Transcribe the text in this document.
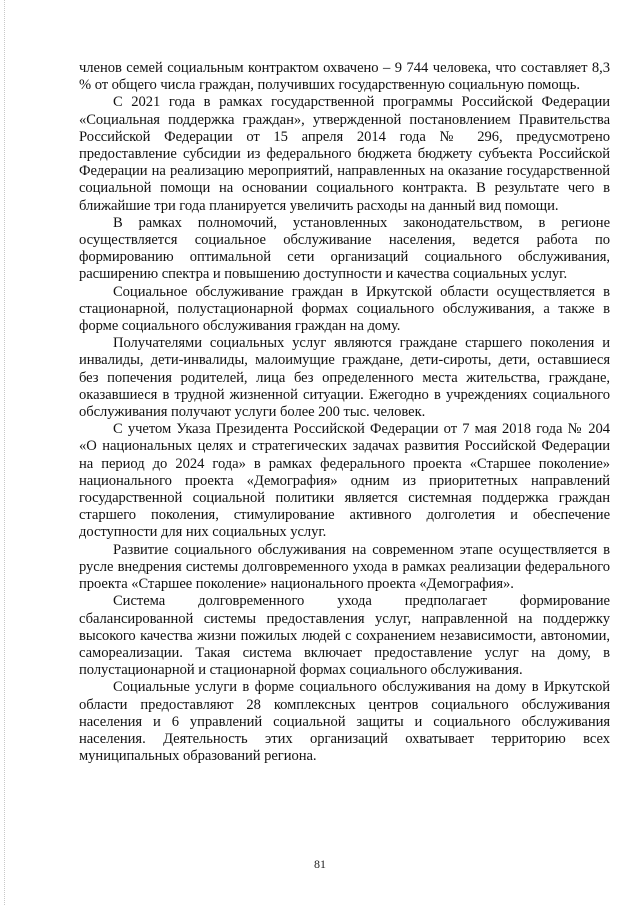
членов семей социальным контрактом охвачено – 9 744 человека, что составляет 8,3 % от общего числа граждан, получивших государственную социальную помощь.

С 2021 года в рамках государственной программы Российской Федерации «Социальная поддержка граждан», утвержденной постановлением Правительства Российской Федерации от 15 апреля 2014 года № 296, предусмотрено предоставление субсидии из федерального бюджета бюджету субъекта Российской Федерации на реализацию мероприятий, направленных на оказание государственной социальной помощи на основании социального контракта. В результате чего в ближайшие три года планируется увеличить расходы на данный вид помощи.

В рамках полномочий, установленных законодательством, в регионе осуществляется социальное обслуживание населения, ведется работа по формированию оптимальной сети организаций социального обслуживания, расширению спектра и повышению доступности и качества социальных услуг.

Социальное обслуживание граждан в Иркутской области осуществляется в стационарной, полустационарной формах социального обслуживания, а также в форме социального обслуживания граждан на дому.

Получателями социальных услуг являются граждане старшего поколения и инвалиды, дети-инвалиды, малоимущие граждане, дети-сироты, дети, оставшиеся без попечения родителей, лица без определенного места жительства, граждане, оказавшиеся в трудной жизненной ситуации. Ежегодно в учреждениях социального обслуживания получают услуги более 200 тыс. человек.

С учетом Указа Президента Российской Федерации от 7 мая 2018 года № 204 «О национальных целях и стратегических задачах развития Российской Федерации на период до 2024 года» в рамках федерального проекта «Старшее поколение» национального проекта «Демография» одним из приоритетных направлений государственной социальной политики является системная поддержка граждан старшего поколения, стимулирование активного долголетия и обеспечение доступности для них социальных услуг.

Развитие социального обслуживания на современном этапе осуществляется в русле внедрения системы долговременного ухода в рамках реализации федерального проекта «Старшее поколение» национального проекта «Демография».

Система долговременного ухода предполагает формирование сбалансированной системы предоставления услуг, направленной на поддержку высокого качества жизни пожилых людей с сохранением независимости, автономии, самореализации. Такая система включает предоставление услуг на дому, в полустационарной и стационарной формах социального обслуживания.

Социальные услуги в форме социального обслуживания на дому в Иркутской области предоставляют 28 комплексных центров социального обслуживания населения и 6 управлений социальной защиты и социального обслуживания населения. Деятельность этих организаций охватывает территорию всех муниципальных образований региона.

81
